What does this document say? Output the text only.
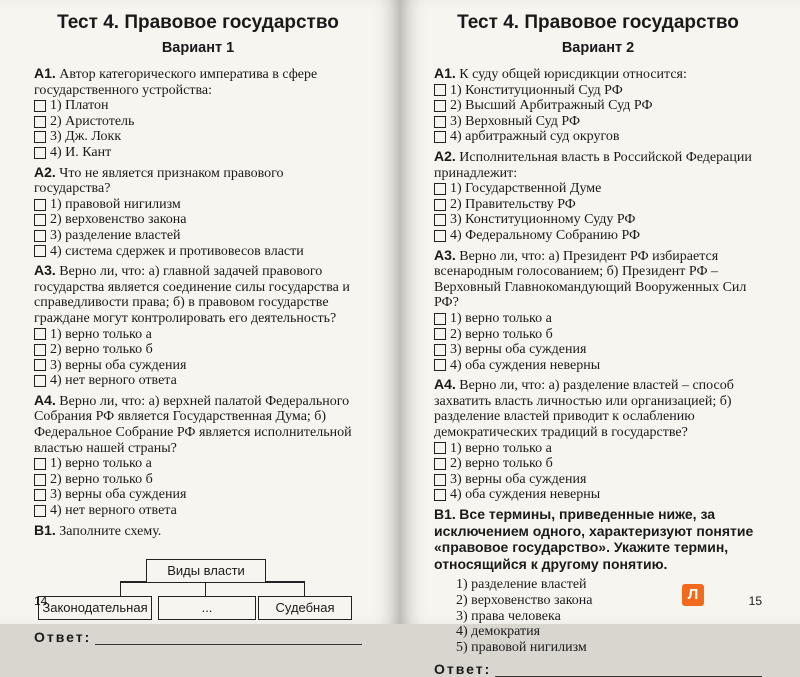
Тест 4. Правовое государство
Вариант 1
A1. Автор категорического императива в сфере государственного устройства:
1) Платон
2) Аристотель
3) Дж. Локк
4) И. Кант
A2. Что не является признаком правового государства?
1) правовой нигилизм
2) верховенство закона
3) разделение властей
4) система сдержек и противовесов власти
A3. Верно ли, что: а) главной задачей правового государства является соединение силы государства и справедливости права; б) в правовом государстве граждане могут контролировать его деятельность?
1) верно только а
2) верно только б
3) верны оба суждения
4) нет верного ответа
A4. Верно ли, что: а) верхней палатой Федерального Собрания РФ является Государственная Дума; б) Федеральное Собрание РФ является исполнительной властью нашей страны?
1) верно только а
2) верно только б
3) верны оба суждения
4) нет верного ответа
B1. Заполните схему.
Виды власти
Законодательная	...	Судебная
Ответ:
14
Тест 4. Правовое государство
Вариант 2
A1. К суду общей юрисдикции относится:
1) Конституционный Суд РФ
2) Высший Арбитражный Суд РФ
3) Верховный Суд РФ
4) арбитражный суд округов
A2. Исполнительная власть в Российской Федерации принадлежит:
1) Государственной Думе
2) Правительству РФ
3) Конституционному Суду РФ
4) Федеральному Собранию РФ
A3. Верно ли, что: а) Президент РФ избирается всенародным голосованием; б) Президент РФ – Верховный Главнокомандующий Вооруженных Сил РФ?
1) верно только а
2) верно только б
3) верны оба суждения
4) оба суждения неверны
A4. Верно ли, что: а) разделение властей – способ захватить власть личностью или организацией; б) разделение властей приводит к ослаблению демократических традиций в государстве?
1) верно только а
2) верно только б
3) верны оба суждения
4) оба суждения неверны
B1. Все термины, приведенные ниже, за исключением одного, характеризуют понятие «правовое государство». Укажите термин, относящийся к другому понятию.
1) разделение властей
2) верховенство закона
3) права человека
4) демократия
5) правовой нигилизм
Ответ:
Л	15
